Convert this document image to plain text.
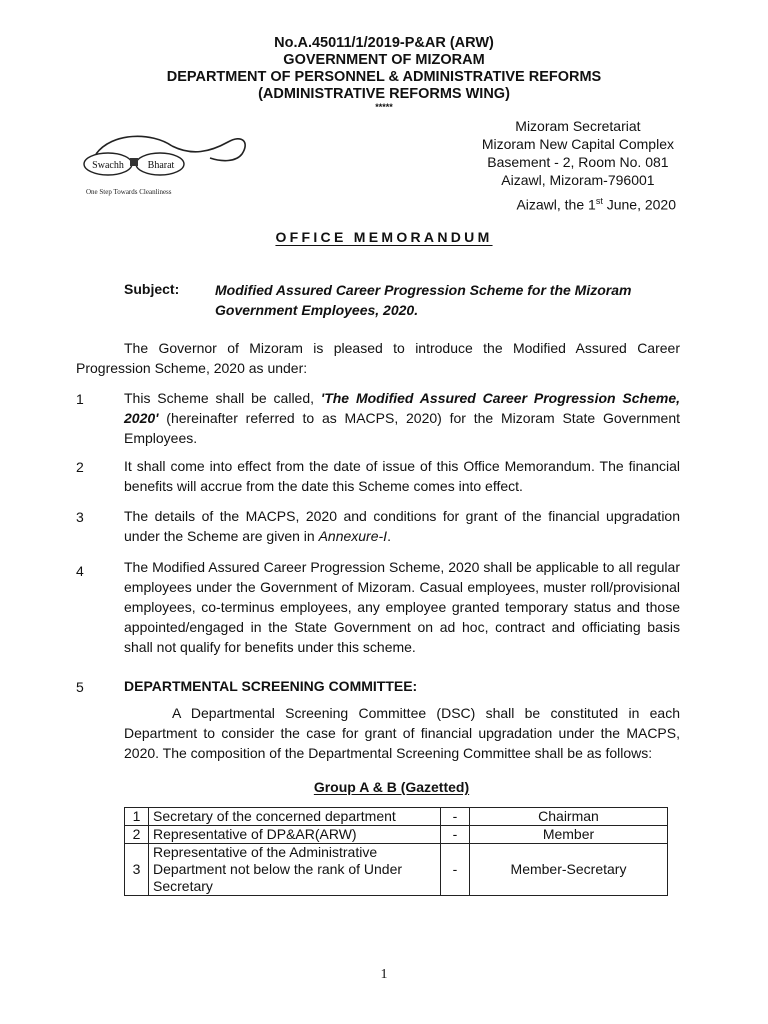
No.A.45011/1/2019-P&AR (ARW)
GOVERNMENT OF MIZORAM
DEPARTMENT OF PERSONNEL & ADMINISTRATIVE REFORMS
(ADMINISTRATIVE REFORMS WING)
*****
Swachh Bharat
One Step Towards Cleanliness
Mizoram Secretariat
Mizoram New Capital Complex
Basement - 2, Room No. 081
Aizawl, Mizoram-796001
Aizawl, the 1st June, 2020
OFFICE MEMORANDUM
Subject:	Modified Assured Career Progression Scheme for the Mizoram Government Employees, 2020.
The Governor of Mizoram is pleased to introduce the Modified Assured Career Progression Scheme, 2020 as under:
1	This Scheme shall be called, 'The Modified Assured Career Progression Scheme, 2020' (hereinafter referred to as MACPS, 2020) for the Mizoram State Government Employees.
2	It shall come into effect from the date of issue of this Office Memorandum. The financial benefits will accrue from the date this Scheme comes into effect.
3	The details of the MACPS, 2020 and conditions for grant of the financial upgradation under the Scheme are given in Annexure-I.
4	The Modified Assured Career Progression Scheme, 2020 shall be applicable to all regular employees under the Government of Mizoram. Casual employees, muster roll/provisional employees, co-terminus employees, any employee granted temporary status and those appointed/engaged in the State Government on ad hoc, contract and officiating basis shall not qualify for benefits under this scheme.
5	DEPARTMENTAL SCREENING COMMITTEE:
A Departmental Screening Committee (DSC) shall be constituted in each Department to consider the case for grant of financial upgradation under the MACPS, 2020. The composition of the Departmental Screening Committee shall be as follows:
Group A & B (Gazetted)
1	Secretary of the concerned department	-	Chairman
2	Representative of DP&AR(ARW)	-	Member
3	Representative of the Administrative Department not below the rank of Under Secretary	-	Member-Secretary
1
